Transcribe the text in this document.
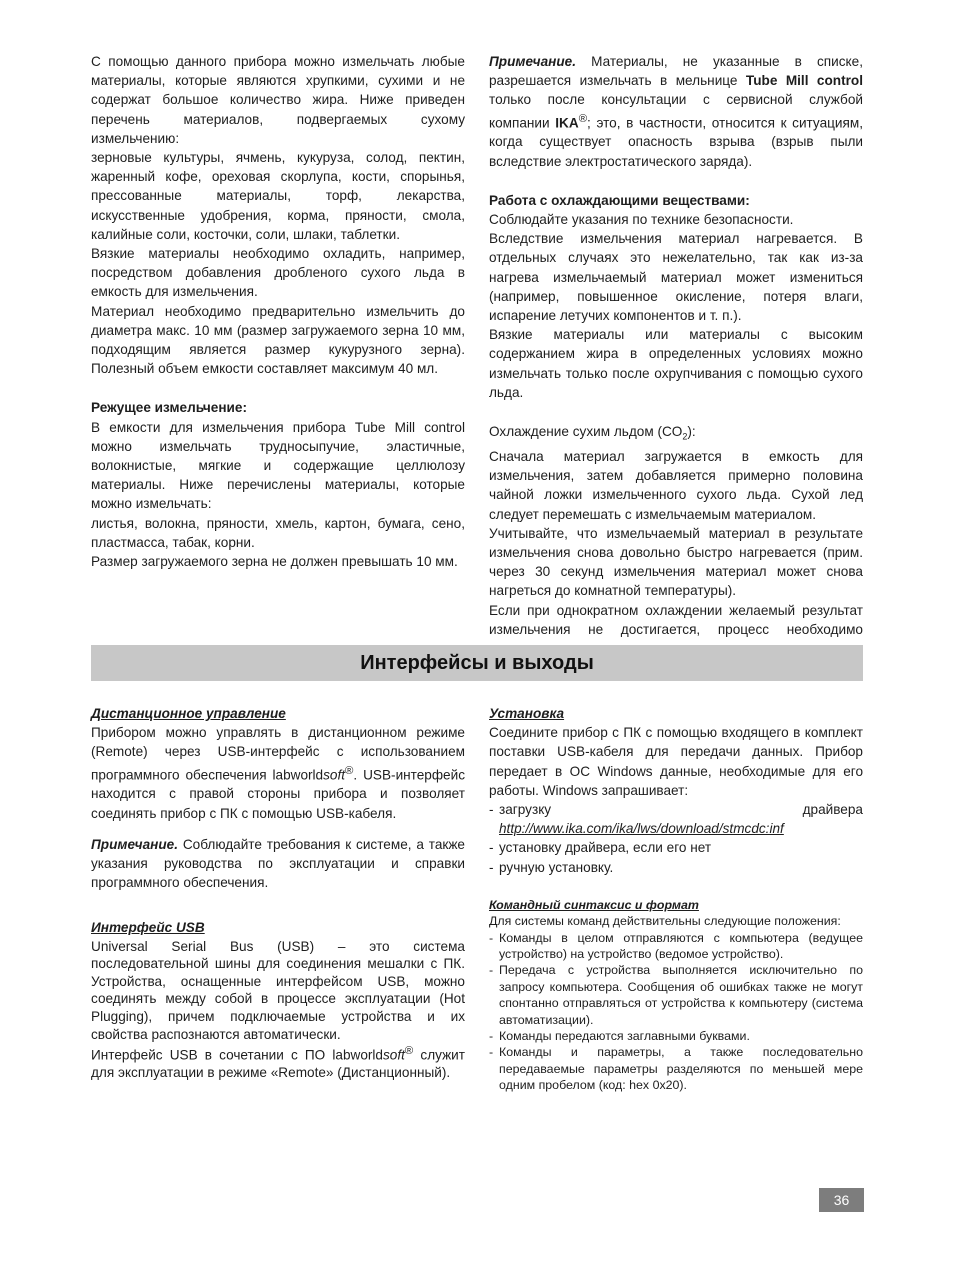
С помощью данного прибора можно измельчать любые материалы, которые являются хрупкими, сухими и не содержат большое количество жира. Ниже приведен перечень материалов, подвергаемых сухому измельчению:

зерновые культуры, ячмень, кукуруза, солод, пектин, жаренный кофе, ореховая скорлупа, кости, спорынья, прессованные материалы, торф, лекарства, искусственные удобрения, корма, пряности, смола, калийные соли, косточки, соли, шлаки, таблетки.

Вязкие материалы необходимо охладить, например, посредством добавления дробленого сухого льда в емкость для измельчения.

Материал необходимо предварительно измельчить до диаметра макс. 10 мм (размер загружаемого зерна 10 мм, подходящим является размер кукурузного зерна). Полезный объем емкости составляет максимум 40 мл.

Режущее измельчение:

В емкости для измельчения прибора Tube Mill control можно измельчать трудносыпучие, эластичные, волокнистые, мягкие и содержащие целлюлозу материалы. Ниже перечислены материалы, которые можно измельчать:

листья, волокна, пряности, хмель, картон, бумага, сено, пластмасса, табак, корни.

Размер загружаемого зерна не должен превышать 10 мм.

Примечание. Материалы, не указанные в списке, разрешается измельчать в мельнице Tube Mill control только после консультации с сервисной службой компании IKA®; это, в частности, относится к ситуациям, когда существует опасность взрыва (взрыв пыли вследствие электростатического заряда).

Работа с охлаждающими веществами:

Соблюдайте указания по технике безопасности.

Вследствие измельчения материал нагревается. В отдельных случаях это нежелательно, так как из-за нагрева измельчаемый материал может измениться (например, повышенное окисление, потеря влаги, испарение летучих компонентов и т. п.).

Вязкие материалы или материалы с высоким содержанием жира в определенных условиях можно измельчать только после охрупчивания с помощью сухого льда.

Охлаждение сухим льдом $(CO_2)$:

Сначала материал загружается в емкость для измельчения, затем добавляется примерно половина чайной ложки измельченного сухого льда. Сухой лед следует перемешать с измельчаемым материалом.

Учитывайте, что измельчаемый материал в результате измельчения снова довольно быстро нагревается (прим. через 30 секунд измельчения материал может снова нагреться до комнатной температуры).

Если при однократном охлаждении желаемый результат измельчения не достигается, процесс необходимо

Интерфейсы и выходы

Дистанционное управление

Прибором можно управлять в дистанционном режиме (Remote) через USB-интерфейс с использованием программного обеспечения labworldsoft®. USB-интерфейс находится с правой стороны прибора и позволяет соединять прибор с ПК с помощью USB-кабеля.

Примечание. Соблюдайте требования к системе, а также указания руководства по эксплуатации и справки программного обеспечения.

Интерфейс USB

Universal Serial Bus (USB) – это система последовательной шины для соединения мешалки с ПК. Устройства, оснащенные интерфейсом USB, можно соединять между собой в процессе эксплуатации (Hot Plugging), причем подключаемые устройства и их свойства распознаются автоматически.

Интерфейс USB в сочетании с ПО labworldsoft® служит для эксплуатации в режиме «Remote» (Дистанционный).

Установка

Соедините прибор с ПК с помощью входящего в комплект поставки USB-кабеля для передачи данных. Прибор передает в ОС Windows данные, необходимые для его работы. Windows запрашивает:

- загрузку драйвера http://www.ika.com/ika/lws/download/stmcdc:inf
- установку драйвера, если его нет
- ручную установку.

Командный синтаксис и формат

Для системы команд действительны следующие положения:

- Команды в целом отправляются с компьютера (ведущее устройство) на устройство (ведомое устройство).
- Передача с устройства выполняется исключительно по запросу компьютера. Сообщения об ошибках также не могут спонтанно отправляться от устройства к компьютеру (система автоматизации).
- Команды передаются заглавными буквами.
- Команды и параметры, а также последовательно передаваемые параметры разделяются по меньшей мере одним пробелом (код: hex 0x20).
36
